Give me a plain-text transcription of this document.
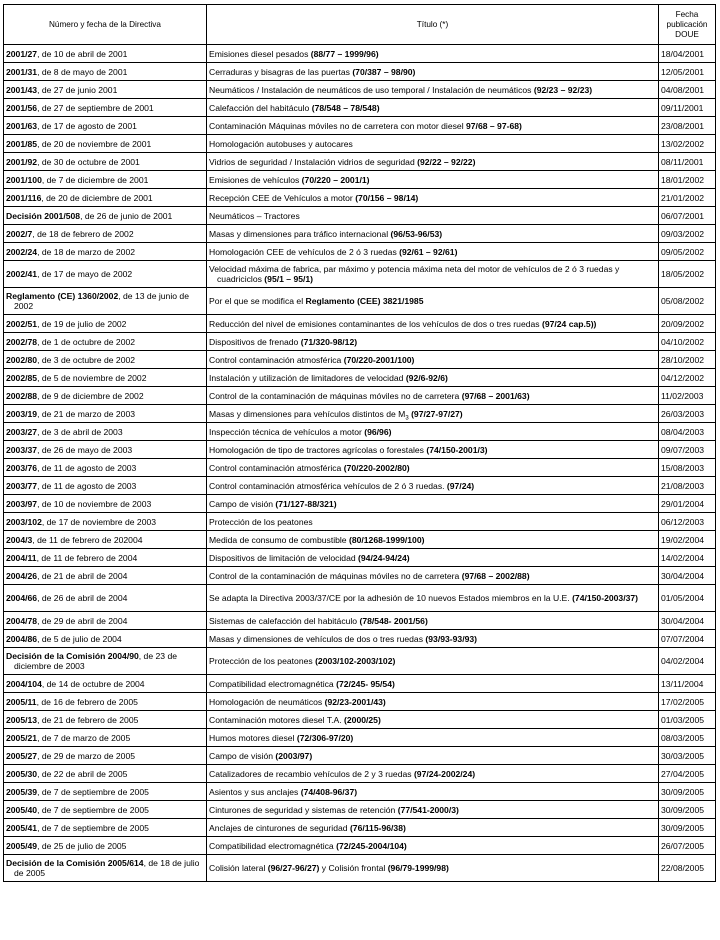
Número y fecha de la Directiva	Título (*)	Fecha publicación DOUE
2001/27, de 10 de abril de 2001	Emisiones diesel pesados (88/77 – 1999/96)	18/04/2001
2001/31, de 8 de mayo de 2001	Cerraduras y bisagras de las puertas (70/387 – 98/90)	12/05/2001
2001/43, de 27 de junio 2001	Neumáticos / Instalación de neumáticos de uso temporal / Instalación de neumáticos (92/23 – 92/23)	04/08/2001
2001/56, de 27 de septiembre de 2001	Calefacción del habitáculo (78/548 – 78/548)	09/11/2001
2001/63, de 17 de agosto de 2001	Contaminación Máquinas móviles no de carretera con motor diesel 97/68 – 97-68)	23/08/2001
2001/85, de 20 de noviembre de 2001	Homologación autobuses y autocares	13/02/2002
2001/92, de 30 de octubre de 2001	Vidrios de seguridad / Instalación vidrios de seguridad (92/22 – 92/22)	08/11/2001
2001/100, de 7 de diciembre de 2001	Emisiones de vehículos (70/220 – 2001/1)	18/01/2002
2001/116, de 20 de diciembre de 2001	Recepción CEE de Vehículos a motor (70/156 – 98/14)	21/01/2002
Decisión 2001/508, de 26 de junio de 2001	Neumáticos – Tractores	06/07/2001
2002/7, de 18 de febrero de 2002	Masas y dimensiones para tráfico internacional (96/53-96/53)	09/03/2002
2002/24, de 18 de marzo de 2002	Homologación CEE de vehículos de 2 ó 3 ruedas (92/61 – 92/61)	09/05/2002

2002/41, de 17 de mayo de 2002	Velocidad máxima de fabrica, par máximo y potencia máxima neta del motor de vehículos de 2 ó 3 ruedas y cuadriciclos (95/1 – 95/1)	18/05/2002

Reglamento (CE) 1360/2002, de 13 de junio de 2002	Por el que se modifica el Reglamento (CEE) 3821/1985	05/08/2002
2002/51, de 19 de julio de 2002	Reducción del nivel de emisiones contaminantes de los vehículos de dos o tres ruedas (97/24 cap.5))	20/09/2002
2002/78, de 1 de octubre de 2002	Dispositivos de frenado (71/320-98/12)	04/10/2002
2002/80, de 3 de octubre de 2002	Control contaminación atmosférica (70/220-2001/100)	28/10/2002
2002/85, de 5 de noviembre de 2002	Instalación y utilización de limitadores de velocidad (92/6-92/6)	04/12/2002
2002/88, de 9 de diciembre de 2002	Control de la contaminación de máquinas móviles no de carretera (97/68 – 2001/63)	11/02/2003
2003/19, de 21 de marzo de 2003	Masas y dimensiones para vehículos distintos de $M_3$ (97/27-97/27)	26/03/2003
2003/27, de 3 de abril de 2003	Inspección técnica de vehículos a motor (96/96)	08/04/2003
2003/37, de 26 de mayo de 2003	Homologación de tipo de tractores agrícolas o forestales (74/150-2001/3)	09/07/2003
2003/76, de 11 de agosto de 2003	Control contaminación atmosférica (70/220-2002/80)	15/08/2003
2003/77, de 11 de agosto de 2003	Control contaminación atmosférica vehículos de 2 ó 3 ruedas. (97/24)	21/08/2003
2003/97, de 10 de noviembre de 2003	Campo de visión (71/127-88/321)	29/01/2004
2003/102, de 17 de noviembre de 2003	Protección de los peatones	06/12/2003
2004/3, de 11 de febrero de 202004	Medida de consumo de combustible (80/1268-1999/100)	19/02/2004
2004/11, de 11 de febrero de 2004	Dispositivos de limitación de velocidad (94/24-94/24)	14/02/2004
2004/26, de 21 de abril de 2004	Control de la contaminación de máquinas móviles no de carretera (97/68 – 2002/88)	30/04/2004

2004/66, de 26 de abril de 2004	Se adapta la Directiva 2003/37/CE por la adhesión de 10 nuevos Estados miembros en la U.E. (74/150-2003/37)	01/05/2004
2004/78, de 29 de abril de 2004	Sistemas de calefacción del habitáculo (78/548- 2001/56)	30/04/2004
2004/86, de 5 de julio de 2004	Masas y dimensiones de vehículos de dos o tres ruedas (93/93-93/93)	07/07/2004

Decisión de la Comisión 2004/90, de 23 de diciembre de 2003	Protección de los peatones (2003/102-2003/102)	04/02/2004
2004/104, de 14 de octubre de 2004	Compatibilidad electromagnética (72/245- 95/54)	13/11/2004
2005/11, de 16 de febrero de 2005	Homologación de neumáticos (92/23-2001/43)	17/02/2005
2005/13, de 21 de febrero de 2005	Contaminación motores diesel T.A. (2000/25)	01/03/2005
2005/21, de 7 de marzo de 2005	Humos motores diesel (72/306-97/20)	08/03/2005
2005/27, de 29 de marzo de 2005	Campo de visión (2003/97)	30/03/2005
2005/30, de 22 de abril de 2005	Catalizadores de recambio vehículos de 2 y 3 ruedas (97/24-2002/24)	27/04/2005
2005/39, de 7 de septiembre de 2005	Asientos y sus anclajes (74/408-96/37)	30/09/2005
2005/40, de 7 de septiembre de 2005	Cinturones de seguridad y sistemas de retención (77/541-2000/3)	30/09/2005
2005/41, de 7 de septiembre de 2005	Anclajes de cinturones de seguridad (76/115-96/38)	30/09/2005
2005/49, de 25 de julio de 2005	Compatibilidad electromagnética (72/245-2004/104)	26/07/2005

Decisión de la Comisión 2005/614, de 18 de julio de 2005	Colisión lateral (96/27-96/27) y Colisión frontal (96/79-1999/98)	22/08/2005
